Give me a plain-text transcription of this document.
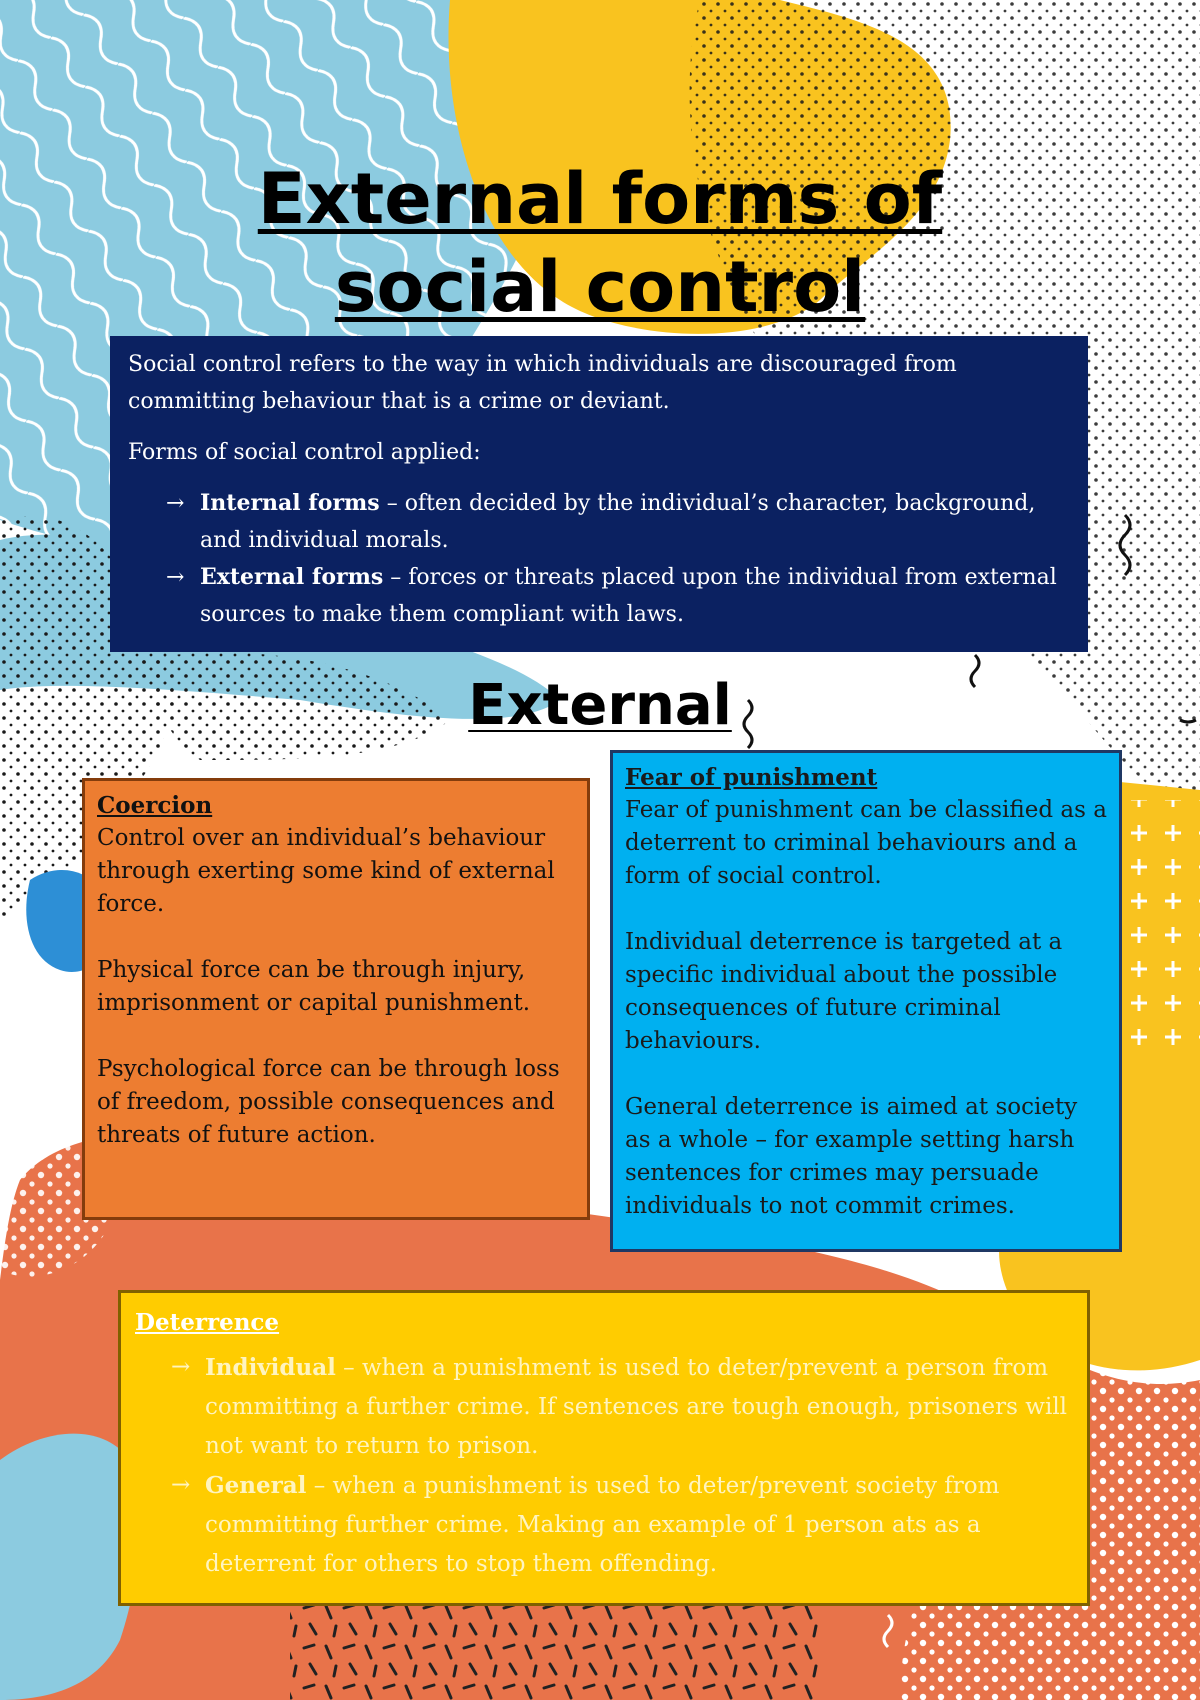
External forms of
social control

Social control refers to the way in which individuals are discouraged from committing behaviour that is a crime or deviant.

Forms of social control applied:

→ Internal forms – often decided by the individual’s character, background, and individual morals.
→ External forms – forces or threats placed upon the individual from external sources to make them compliant with laws.
External

Coercion

Control over an individual’s behaviour through exerting some kind of external force.

Physical force can be through injury, imprisonment or capital punishment.

Psychological force can be through loss of freedom, possible consequences and threats of future action.

Fear of punishment

Fear of punishment can be classified as a deterrent to criminal behaviours and a form of social control.

Individual deterrence is targeted at a specific individual about the possible consequences of future criminal behaviours.

General deterrence is aimed at society as a whole – for example setting harsh sentences for crimes may persuade individuals to not commit crimes.

Deterrence

→ Individual – when a punishment is used to deter/prevent a person from committing a further crime. If sentences are tough enough, prisoners will not want to return to prison.
→ General – when a punishment is used to deter/prevent society from committing further crime. Making an example of 1 person ats as a deterrent for others to stop them offending.
